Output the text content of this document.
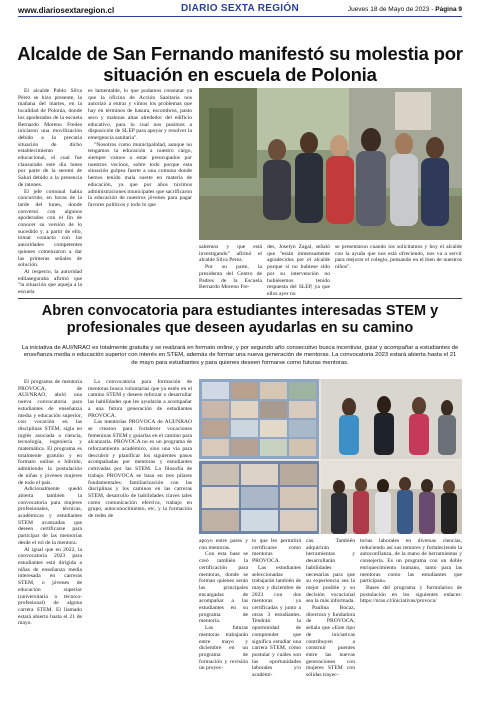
www.diariosextaregion.cl	DIARIO SEXTA REGIÓN	Jueves 18 de Mayo de 2023 - Página 9
Alcalde de San Fernando manifestó su molestia por situación en escuela de Polonia

El alcalde Pablo Silva Pérez se hizo presente, la mañana del martes, en la localidad de Polonia, donde los apoderados de la escuela Bernardo Moreno Fredes iniciaron una movilización debido a la precaria situación de dicho establecimiento educacional, el cual fue clausurado este día lunes por parte de la seremi de Salud debido a la presencia de ratones.

El jefe comunal había concurrido, en horas de la tarde del lunes, donde conversó con algunos apoderados con el fin de conocer su versión de lo sucedido y, a partir de ello, tomar contacto con las autoridades competentes quienes comenzaron a dar las primeras señales de solución.

Al respecto, la autoridad edilaseguraba afirmó que "la situación que aqueja a la escuela

es lamentable, lo que podamos constatar ya que la oficina de Acción Sanitaria nos autorizó a entrar y vimos los problemas que hay en términos de basura, escombros, pasto seco y malezas altas alrededor del edificio educativo, para lo cual nos pusimos a disposición de SLEP para apoyar y resolver la emergencia sanitaria".

"Nosotros como municipalidad, aunque no tengamos la educación a nuestro cargo, siempre vamos a estar preocupados por nuestros vecinos, sobre todo porque esta situación golpea fuerte a una comuna donde hemos tenido mala suerte en materia de educación, ya que por años tuvimos administraciones municipales que sacrificaron la educación de nuestros jóvenes para pagar favores políticos y todo lo que

sabemos y que está investigando" afirmó el alcalde Silva Pérez.

Por su parte, la presidenta del Centro de Padres de la Escuela Bernardo Moreno Fre-

des, Joselyn Zagal, señaló que "están inmensamente agradecidos por el alcalde porque si no hubiese sido por su intervención no hubiésemos tenido respuesta del SLEP, ya que ellos ayer no

se presentaron cuando los solicitamos y hoy el alcalde con la ayuda que nos está ofreciendo, nos va a servir para mejorar el colegio, pensando en el bien de nuestros niños".

Abren convocatoria para estudiantes interesadas STEM y profesionales que deseen ayudarlas en su camino
La iniciativa de AUI/NRAO es totalmente gratuita y se realizará en formato online, y por segundo año consecutivo busca incentivar, guiar y acompañar a estudiantes de enseñanza media o educación superior con interés en STEM, además de formar una nueva generación de mentoras. La convocatoria 2023 estará abierta hasta el 21 de mayo para estudiantes y para quienes deseen formarse como futuras mentoras.

El programa de mentoría PROVOCA, de AUI/NRAO, abrió una nueva convocatoria para estudiantes de enseñanza media y educación superior, con vocación en las disciplinas STEM, sigla en inglés asociada a ciencia, tecnología, ingeniería y matemática. El programa es totalmente gratuito y en formato online o híbrido, admitiendo la postulación de niñas y jóvenes mujeres de todo el país.

Adicionalmente quedó abierta también la convocatoria para mujeres profesionales, técnicas, académicas y estudiantes STEM avanzadas que deseen certificarse para participar de las mentorías desde el rol de la mentora.

Al igual que en 2022, la convocatoria 2023 para estudiantes está dirigida a niñas de enseñanza media interesada en carreras STEM, o jóvenes de educación superior (universitaria o técnico-profesional) de alguna carrera STEM. El llamado estará abierto hasta el 21 de mayo.

La convocatoria para formación de mentoras busca voluntarias que ya estén en el camino STEM y deseen reforzar o desarrollar las habilidades que les ayudarán a acompañar a una futura generación de estudiantes PROVOCA.

Las mentorías PROVOCA de AUI/NRAO se crearon para fortalecer vocaciones femeninas STEM y guiarlas en el camino para alcanzarla. PROVOCA no es un programa de reforzamiento académico, sino una vía para descubrir y planificar los siguientes pasos acompañadas por mentoras y estudiantes cultivadas por las STEM. La filosofía de trabajo PROVOCA se basa en tres pilares fundamentales: familiarización con las disciplinas y los caminos en las carreras STEM, desarrollo de habilidades claves tales como comunicación efectiva, trabajo en grupo, autoconocimiento, etc, y la formación de redes de

apoyo entre pares y con mentoras.

Con esta base se creó también la certificación para mentoras, donde se forman quienes serán las principales encargadas de acompañar a las estudiantes en su programa de mentoría.

Las futuras mentoras trabajarán entre mayo y diciembre en un programa de formación y revisión un proyec-

to que les permitirá certificarse como mentoras PROVOCA.

Las estudiantes seleccionadas trabajarán también de mayo y diciembre de 2023 con dos mentoras ya certificadas y junto a otras 3 estudiantes. Tendrán la oportunidad de comprender que significa estudiar una carrera STEM, cómo postular y cuáles son las oportunidades laborales y/o académi-

cas. También adquirirán herramientas y desarrollarán habilidades necesarias para que su experiencia sea la mejor posible y su decisión vocacional sea la más informada.

Paulina Bocaz, directora y fundadora de PROVOCA, señala que «Este tipo de iniciativas contribuyen a construir puentes entre las nuevas generaciones con mujeres STEM con sólidas trayec-

torias laborales en diversas ciencias, reduciendo así sus temores y fortaleciendo la autoconfianza, de la mano de herramientas y consejería. Es un programa con un doble enriquecimiento humano, tanto para las mentoras como las estudiantes que participan».

Bases del programa y formularios de postulación en los siguientes enlaces: https://nrao.cl/iniciativas/provoca/
